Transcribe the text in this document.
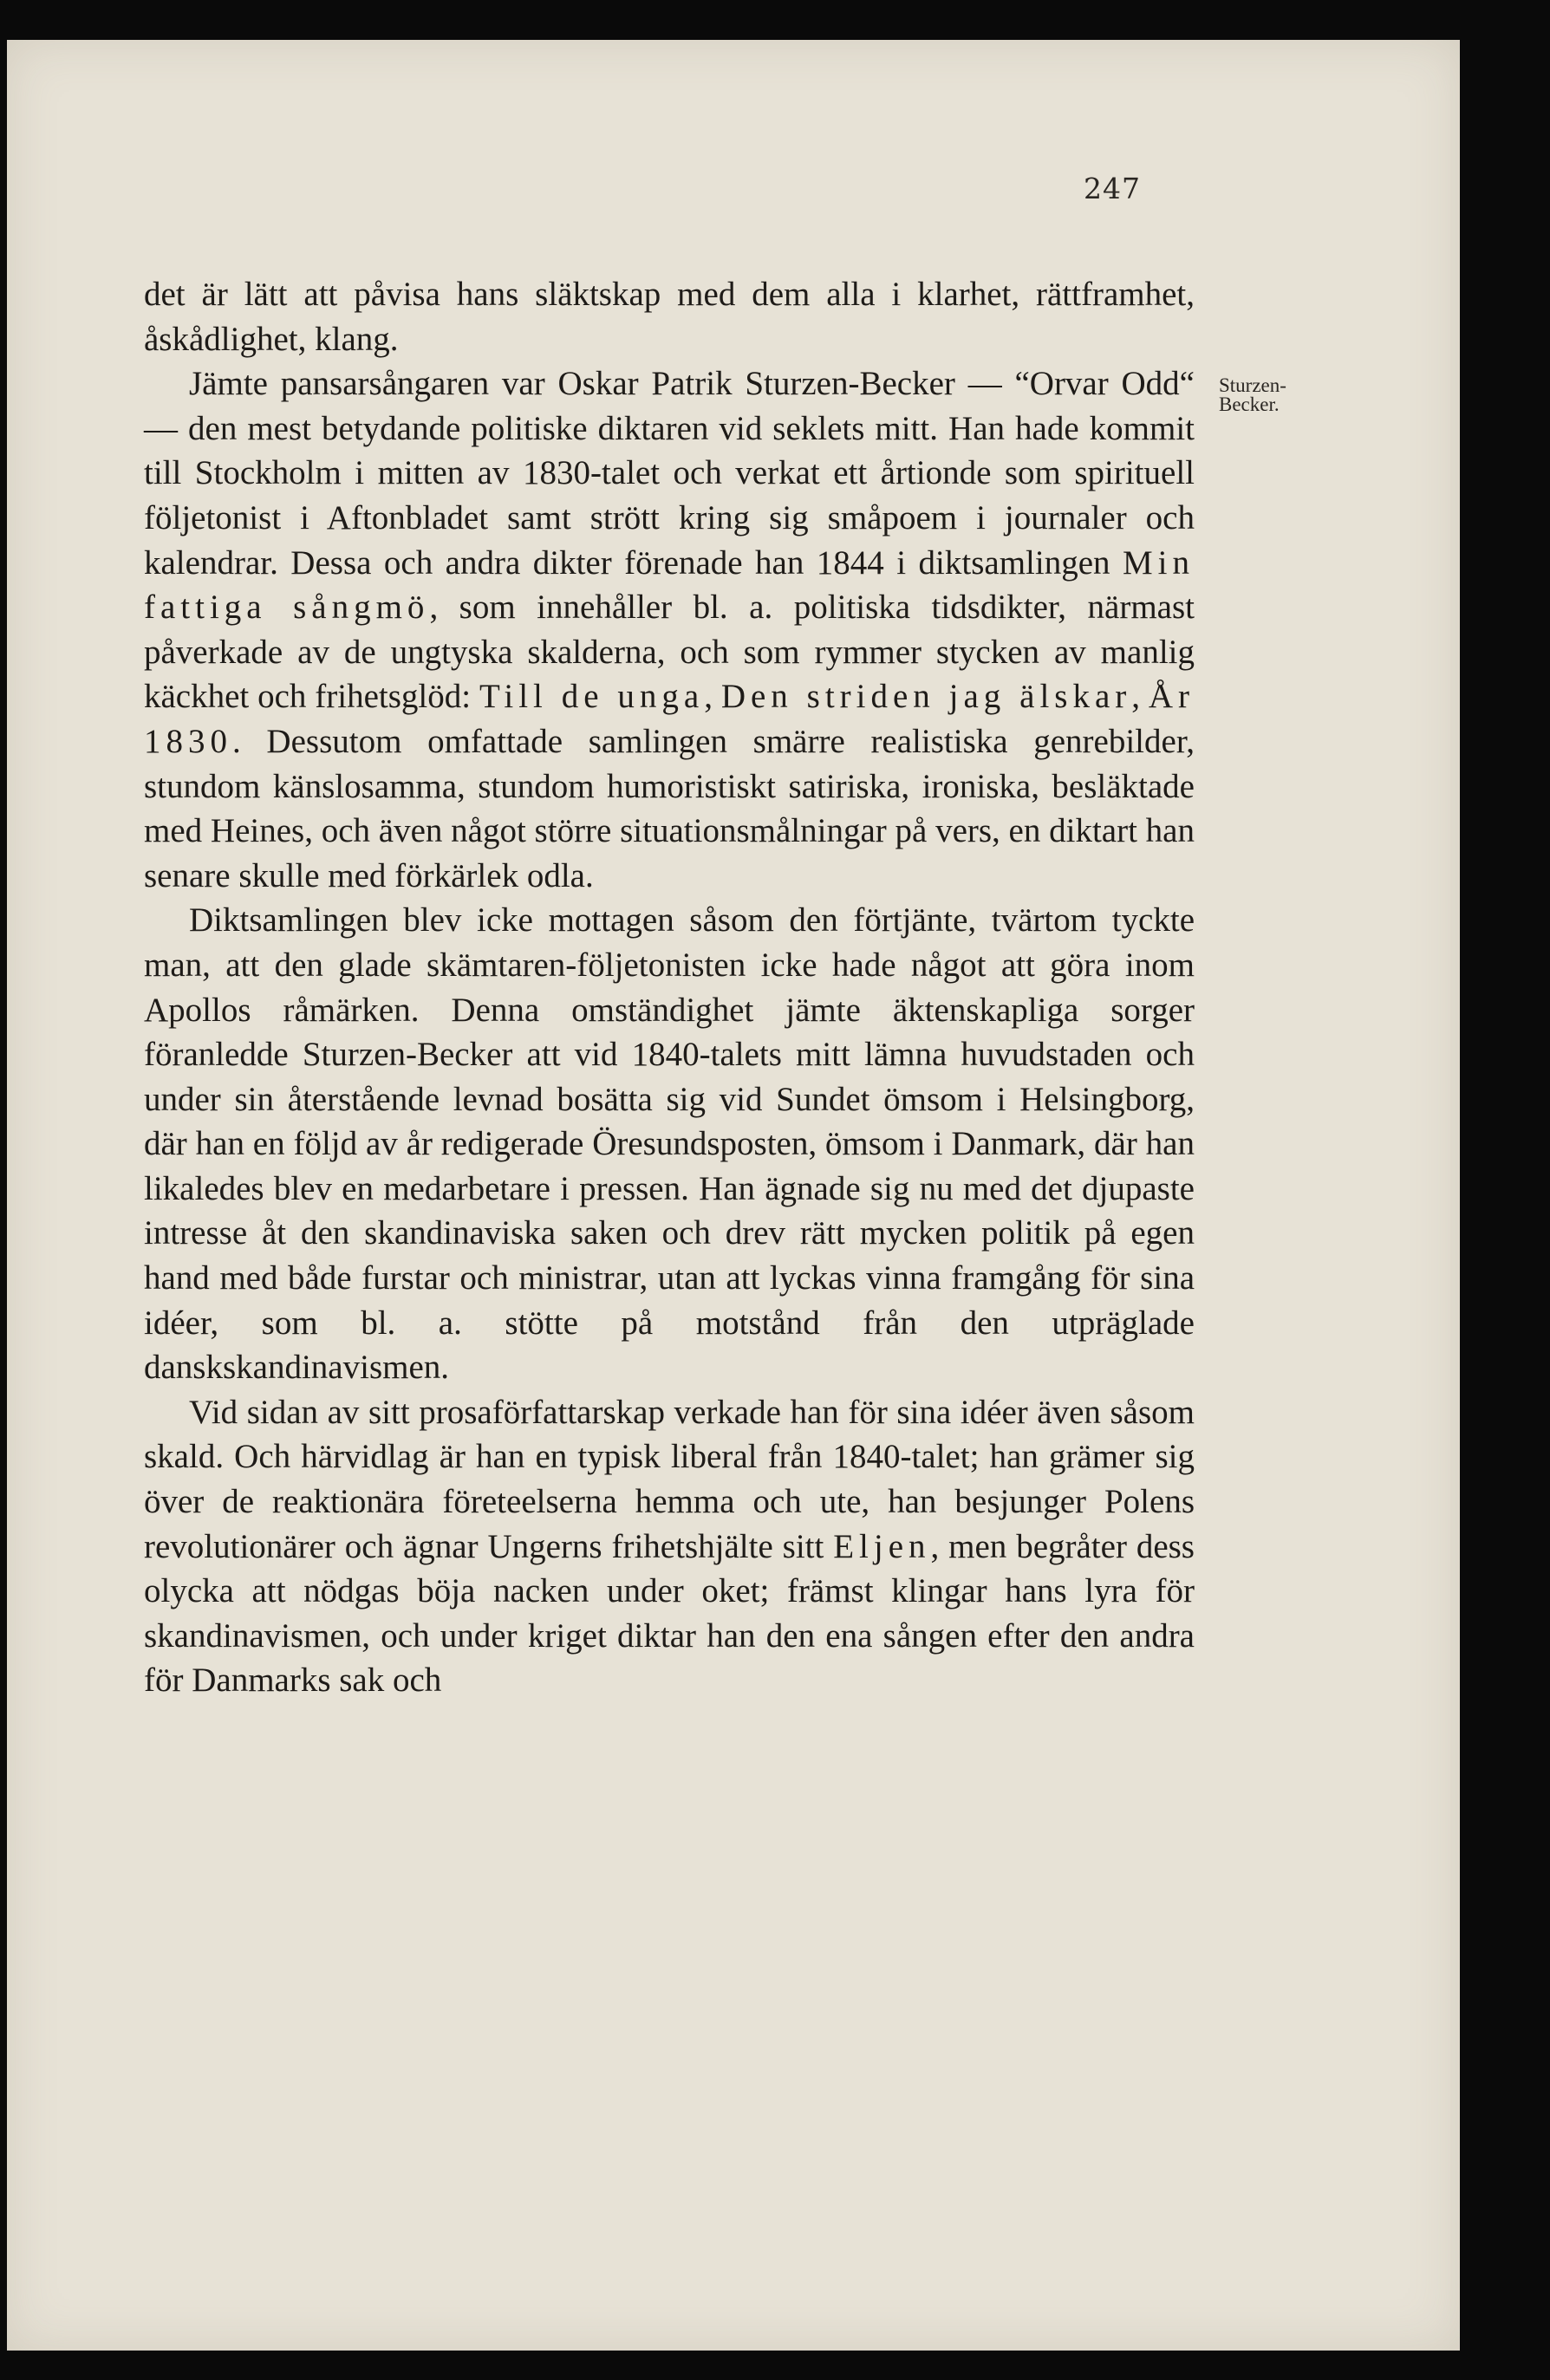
247
Sturzen-Becker.

det är lätt att påvisa hans släktskap med dem alla i klarhet, rättframhet, åskådlighet, klang.

Jämte pansarsångaren var Oskar Patrik Sturzen-Becker — “Orvar Odd“ — den mest betydande politiske diktaren vid seklets mitt. Han hade kommit till Stockholm i mitten av 1830-talet och verkat ett årtionde som spirituell följetonist i Aftonbladet samt strött kring sig småpoem i journaler och kalendrar. Dessa och andra dikter förenade han 1844 i diktsamlingen Min fattiga sångmö, som innehåller bl. a. politiska tidsdikter, närmast påverkade av de ungtyska skalderna, och som rymmer stycken av manlig käckhet och frihetsglöd: Till de unga, Den striden jag älskar, År 1830. Dessutom omfattade samlingen smärre realistiska genrebilder, stundom känslosamma, stundom humoristiskt satiriska, ironiska, besläktade med Heines, och även något större situationsmålningar på vers, en diktart han senare skulle med förkärlek odla.

Diktsamlingen blev icke mottagen såsom den förtjänte, tvärtom tyckte man, att den glade skämtaren-följetonisten icke hade något att göra inom Apollos råmärken. Denna omständighet jämte äktenskapliga sorger föranledde Sturzen-Becker att vid 1840-talets mitt lämna huvudstaden och under sin återstående levnad bosätta sig vid Sundet ömsom i Helsingborg, där han en följd av år redigerade Öresundsposten, ömsom i Danmark, där han likaledes blev en medarbetare i pressen. Han ägnade sig nu med det djupaste intresse åt den skandinaviska saken och drev rätt mycken politik på egen hand med både furstar och ministrar, utan att lyckas vinna framgång för sina idéer, som bl. a. stötte på motstånd från den utpräglade danskskandinavismen.

Vid sidan av sitt prosaförfattarskap verkade han för sina idéer även såsom skald. Och härvidlag är han en typisk liberal från 1840-talet; han grämer sig över de reaktionära företeelserna hemma och ute, han besjunger Polens revolutionärer och ägnar Ungerns frihetshjälte sitt Eljen, men begråter dess olycka att nödgas böja nacken under oket; främst klingar hans lyra för skandinavismen, och under kriget diktar han den ena sången efter den andra för Danmarks sak och
